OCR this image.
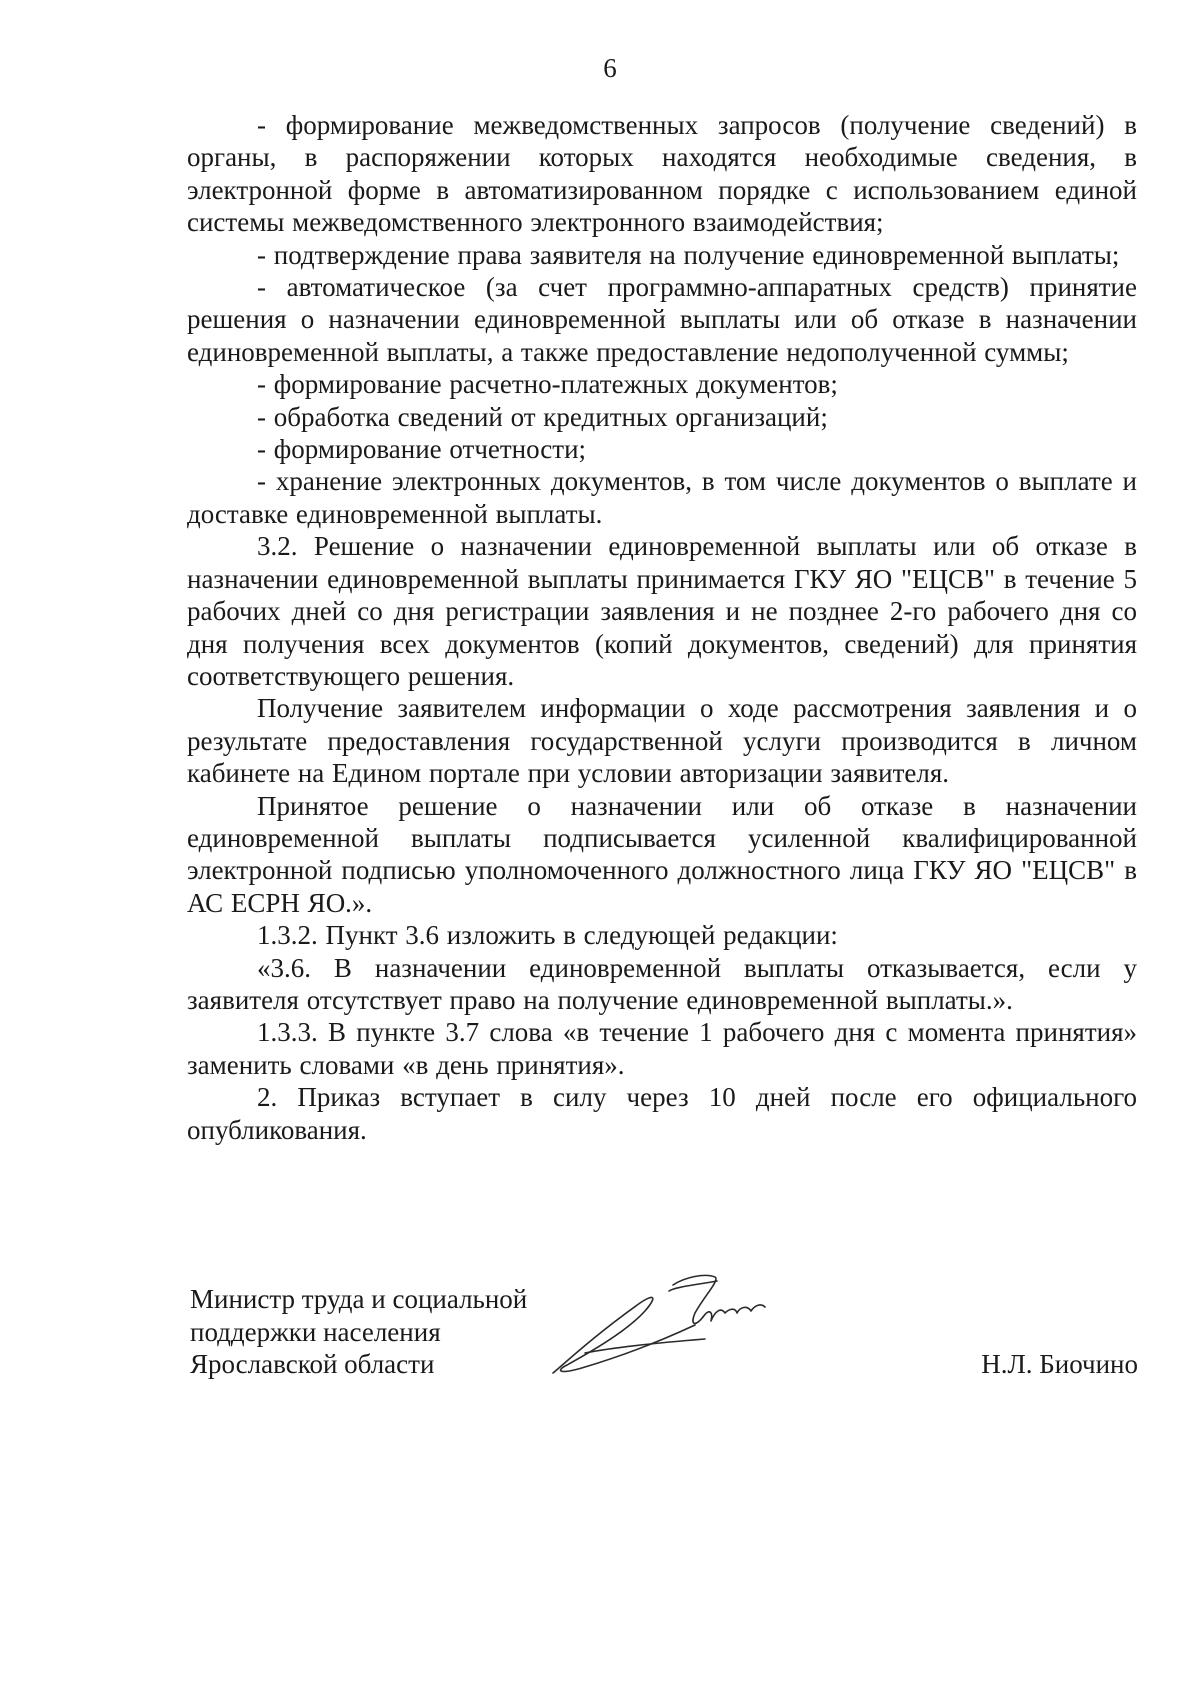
6

- формирование межведомственных запросов (получение сведений) в органы, в распоряжении которых находятся необходимые сведения, в электронной форме в автоматизированном порядке с использованием единой системы межведомственного электронного взаимодействия;

- подтверждение права заявителя на получение единовременной выплаты;

- автоматическое (за счет программно-аппаратных средств) принятие решения о назначении единовременной выплаты или об отказе в назначении единовременной выплаты, а также предоставление недополученной суммы;

- формирование расчетно-платежных документов;

- обработка сведений от кредитных организаций;

- формирование отчетности;

- хранение электронных документов, в том числе документов о выплате и доставке единовременной выплаты.

3.2. Решение о назначении единовременной выплаты или об отказе в назначении единовременной выплаты принимается ГКУ ЯО "ЕЦСВ" в течение 5 рабочих дней со дня регистрации заявления и не позднее 2-го рабочего дня со дня получения всех документов (копий документов, сведений) для принятия соответствующего решения.

Получение заявителем информации о ходе рассмотрения заявления и о результате предоставления государственной услуги производится в личном кабинете на Едином портале при условии авторизации заявителя.

Принятое решение о назначении или об отказе в назначении единовременной выплаты подписывается усиленной квалифицированной электронной подписью уполномоченного должностного лица ГКУ ЯО "ЕЦСВ" в АС ЕСРН ЯО.».

1.3.2. Пункт 3.6 изложить в следующей редакции:

«3.6. В назначении единовременной выплаты отказывается, если у заявителя отсутствует право на получение единовременной выплаты.».

1.3.3. В пункте 3.7 слова «в течение 1 рабочего дня с момента принятия» заменить словами «в день принятия».

2. Приказ вступает в силу через 10 дней после его официального опубликования.

Министр труда и социальной
поддержки населения
Ярославской области	Н.Л. Биочино
